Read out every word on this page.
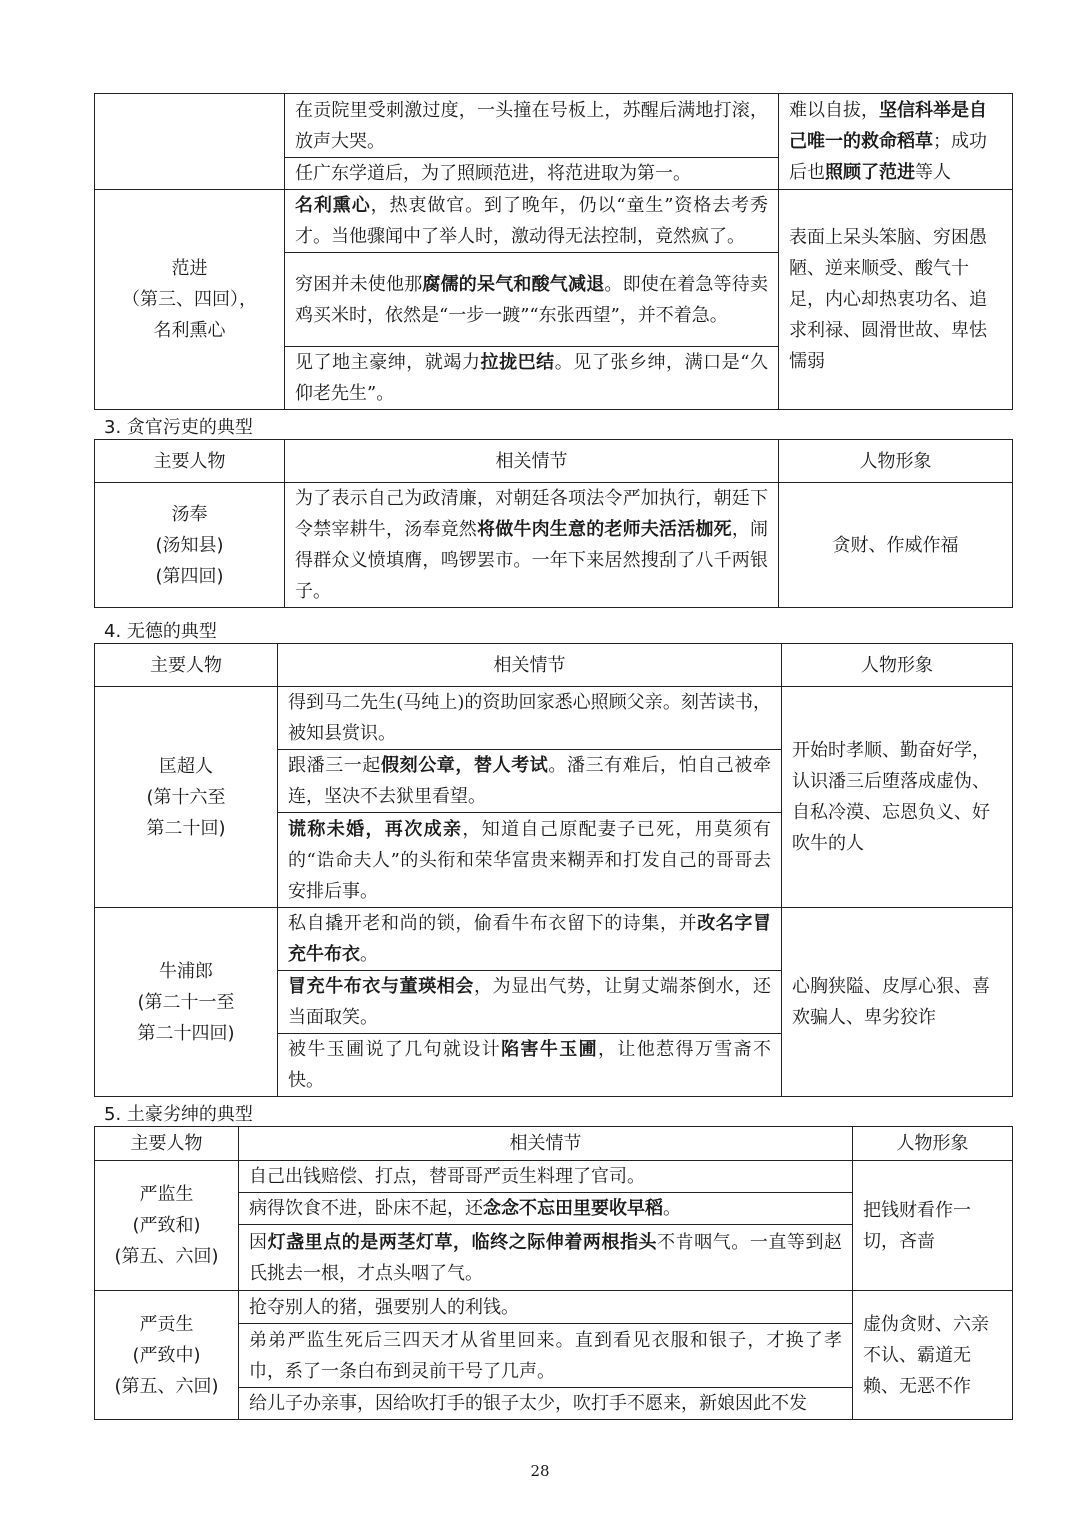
	在贡院里受刺激过度，一头撞在号板上，苏醒后满地打滚，放声大哭。	难以自拔，坚信科举是自己唯一的救命稻草；成功后也照顾了范进等人
	任广东学道后，为了照顾范进，将范进取为第一。	

范进
（第三、四回），
名利熏心	名利熏心，热衷做官。到了晚年，仍以“童生”资格去考秀才。当他骤闻中了举人时，激动得无法控制，竟然疯了。	表面上呆头笨脑、穷困愚陋、逆来顺受、酸气十足，内心却热衷功名、追求利禄、圆滑世故、卑怯懦弱
	穷困并未使他那腐儒的呆气和酸气减退。即使在着急等待卖鸡买米时，依然是“一步一踱”“东张西望”，并不着急。	
	见了地主豪绅，就竭力拉拢巴结。见了张乡绅，满口是“久仰老先生”。	
3. 贪官污吏的典型
主要人物	相关情节	人物形象

汤奉
(汤知县)
(第四回)	为了表示自己为政清廉，对朝廷各项法令严加执行，朝廷下令禁宰耕牛，汤奉竟然将做牛肉生意的老师夫活活枷死，闹得群众义愤填膺，鸣锣罢市。一年下来居然搜刮了八千两银子。	贪财、作威作福
4. 无德的典型
主要人物	相关情节	人物形象

匡超人
(第十六至
第二十回)	得到马二先生(马纯上)的资助回家悉心照顾父亲。刻苦读书，被知县赏识。	开始时孝顺、勤奋好学，认识潘三后堕落成虚伪、自私冷漠、忘恩负义、好吹牛的人
	跟潘三一起假刻公章，替人考试。潘三有难后，怕自己被牵连，坚决不去狱里看望。	
	谎称未婚，再次成亲，知道自己原配妻子已死，用莫须有的“诰命夫人”的头衔和荣华富贵来糊弄和打发自己的哥哥去安排后事。	

牛浦郎
(第二十一至
第二十四回)	私自撬开老和尚的锁，偷看牛布衣留下的诗集，并改名字冒充牛布衣。	心胸狭隘、皮厚心狠、喜欢骗人、卑劣狡诈
	冒充牛布衣与董瑛相会，为显出气势，让舅丈端茶倒水，还当面取笑。	
	被牛玉圃说了几句就设计陷害牛玉圃，让他惹得万雪斋不快。	
5. 土豪劣绅的典型
主要人物	相关情节	人物形象

严监生
(严致和)
(第五、六回)	自己出钱赔偿、打点，替哥哥严贡生料理了官司。	把钱财看作一切，吝啬
	病得饮食不进，卧床不起，还念念不忘田里要收早稻。	
	因灯盏里点的是两茎灯草，临终之际伸着两根指头不肯咽气。一直等到赵氏挑去一根，才点头咽了气。	

严贡生
(严致中)
(第五、六回)	抢夺别人的猪，强要别人的利钱。	虚伪贪财、六亲不认、霸道无赖、无恶不作
	弟弟严监生死后三四天才从省里回来。直到看见衣服和银子，才换了孝巾，系了一条白布到灵前干号了几声。	
	给儿子办亲事，因给吹打手的银子太少，吹打手不愿来，新娘因此不发	
28
